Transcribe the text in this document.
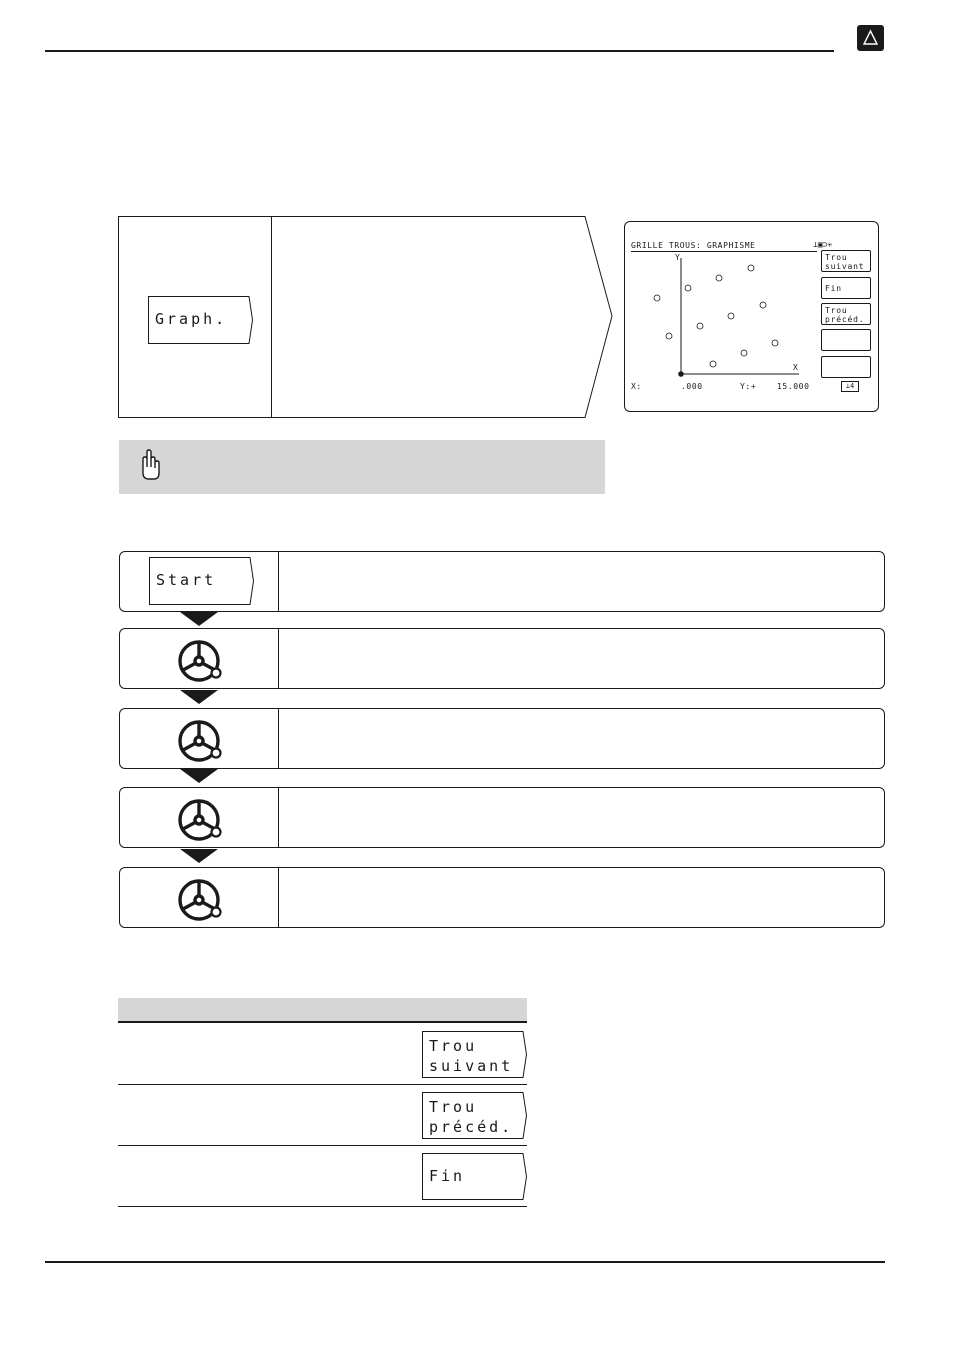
Graph.
GRILLE TROUS: GRAPHISME	⊥▣⊃✳
Y
X
Trou
suivant
Fin
Trou
précéd.
X:	.000	Y:+	15.000	⊥4
Start
Trou
suivant
Trou
précéd.
Fin
